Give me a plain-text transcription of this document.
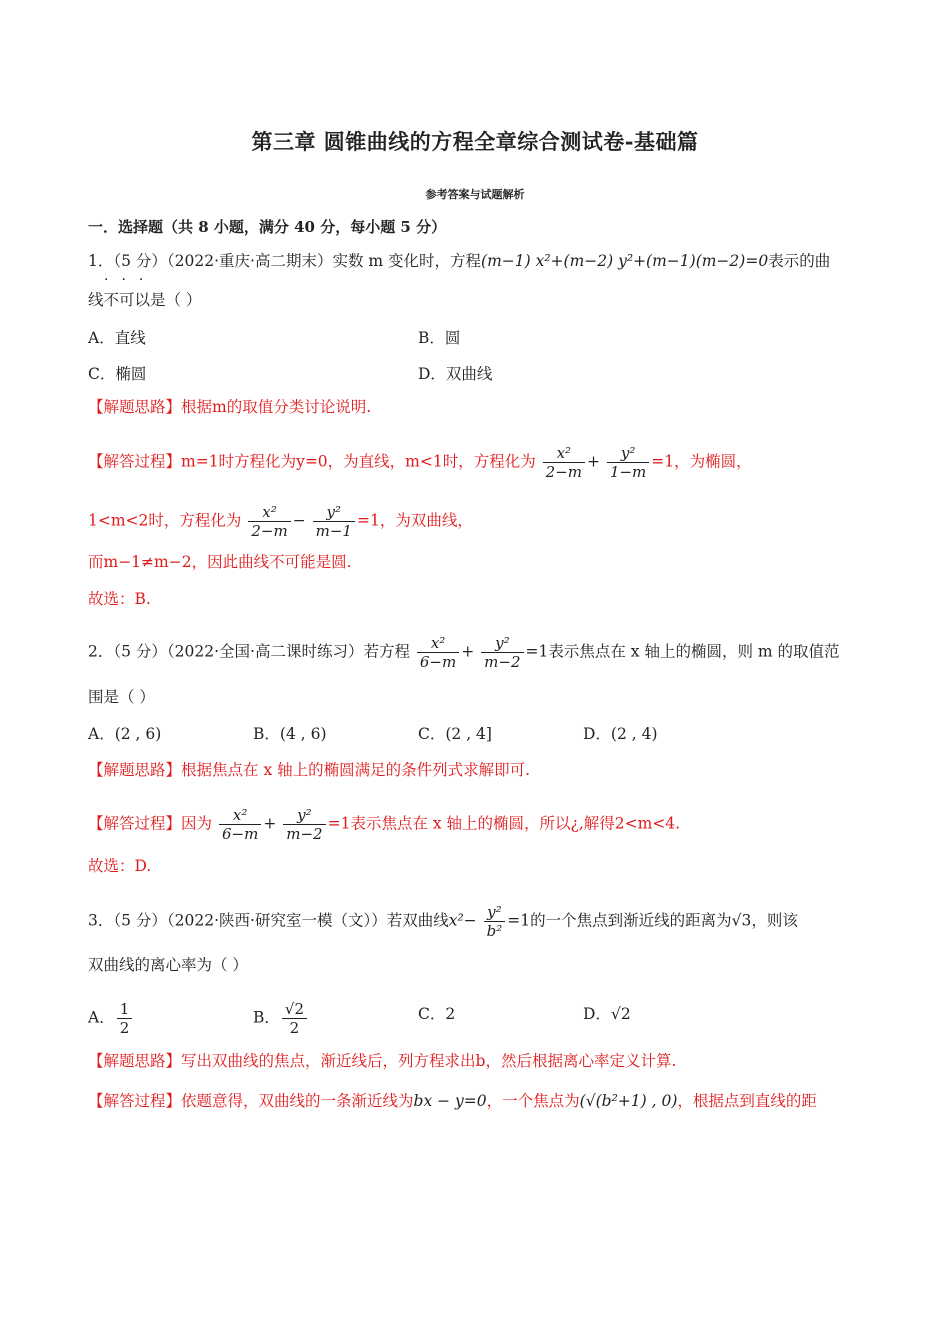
第三章 圆锥曲线的方程全章综合测试卷-基础篇
参考答案与试题解析
一．选择题（共 8 小题，满分 40 分，每小题 5 分）
1．（5 分）（2022·重庆·高二期末）实数 m 变化时，方程(m−1) x²+(m−2) y²+(m−1)(m−2)=0表示的曲
···
线不可以是（ ）
A．直线	B．圆
C．椭圆	D．双曲线
【解题思路】根据m的取值分类讨论说明.
【解答过程】m=1时方程化为y=0，为直线，m<1时，方程化为 $\frac{\text{x²}}{2-m} + \frac{\text{y²}}{1-m} =1$，为椭圆，
1<m<2时，方程化为 $\frac{\text{x²}}{2-m} - \frac{\text{y²}}{m-1} =1$，为双曲线，
而m−1≠m−2，因此曲线不可能是圆.
故选：B.
2．（5 分）（2022·全国·高二课时练习）若方程 $\frac{\text{x²}}{6-m} + \frac{\text{y²}}{m-2} =1$表示焦点在 x 轴上的椭圆，则 m 的取值范
围是（ ）
A．(2 , 6)	B．(4 , 6)	C．(2 , 4]	D．(2 , 4)
【解题思路】根据焦点在 x 轴上的椭圆满足的条件列式求解即可.
【解答过程】因为 $\frac{\text{x²}}{6-m} + \frac{\text{y²}}{m-2} =1$表示焦点在 x 轴上的椭圆，所以¿,解得2<m<4.
故选：D.
3．（5 分）（2022·陕西·研究室一模（文））若双曲线$x^2- \frac{\text{y²}}{\text{b²}} =1$的一个焦点到渐近线的距离为√3，则该
双曲线的离心率为（ ）
A． $\frac{1}{2}$	B． $\frac{√2}{2}$	C．2	D．√2
【解题思路】写出双曲线的焦点，渐近线后，列方程求出b，然后根据离心率定义计算.
【解答过程】依题意得，双曲线的一条渐近线为bx − y=0，一个焦点为(√(b²+1) , 0)，根据点到直线的距
